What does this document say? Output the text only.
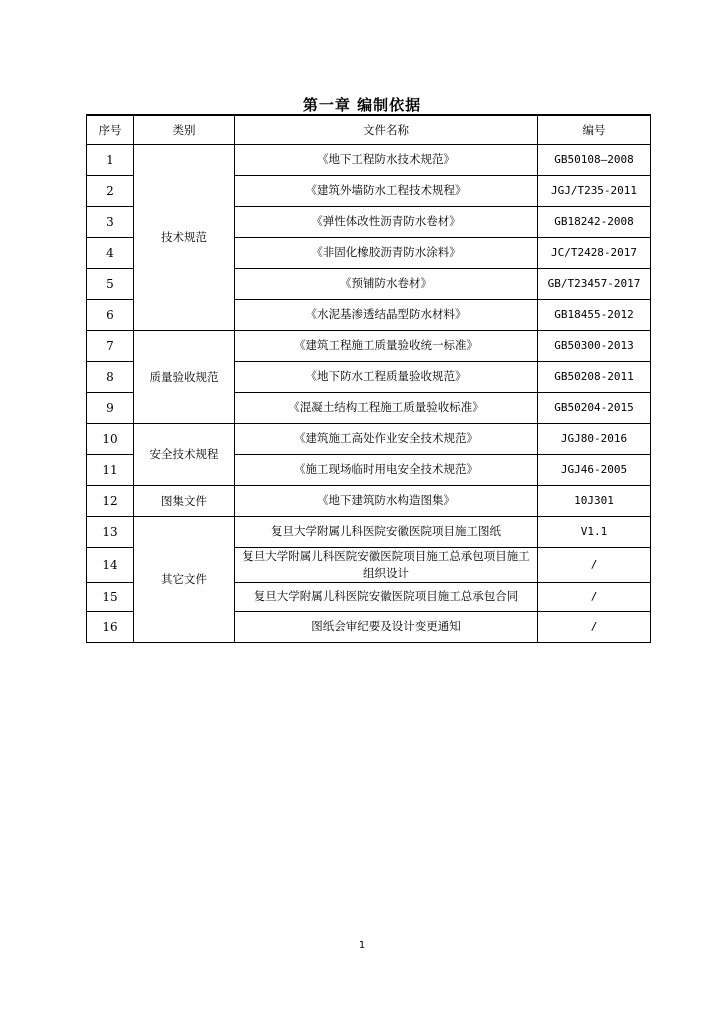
第一章 编制依据
序号	类别	文件名称	编号
1	技术规范	《地下工程防水技术规范》	GB50108—2008
2		《建筑外墙防水工程技术规程》	JGJ/T235-2011
3		《弹性体改性沥青防水卷材》	GB18242-2008
4		《非固化橡胶沥青防水涂料》	JC/T2428-2017
5		《预铺防水卷材》	GB/T23457-2017
6		《水泥基渗透结晶型防水材料》	GB18455-2012
7	质量验收规范	《建筑工程施工质量验收统一标准》	GB50300-2013
8		《地下防水工程质量验收规范》	GB50208-2011
9		《混凝土结构工程施工质量验收标准》	GB50204-2015
10	安全技术规程	《建筑施工高处作业安全技术规范》	JGJ80-2016
11		《施工现场临时用电安全技术规范》	JGJ46-2005
12	图集文件	《地下建筑防水构造图集》	10J301
13	其它文件	复旦大学附属儿科医院安徽医院项目施工图纸	V1.1
14		复旦大学附属儿科医院安徽医院项目施工总承包项目施工组织设计	/
15		复旦大学附属儿科医院安徽医院项目施工总承包合同	/
16		图纸会审纪要及设计变更通知	/
1
